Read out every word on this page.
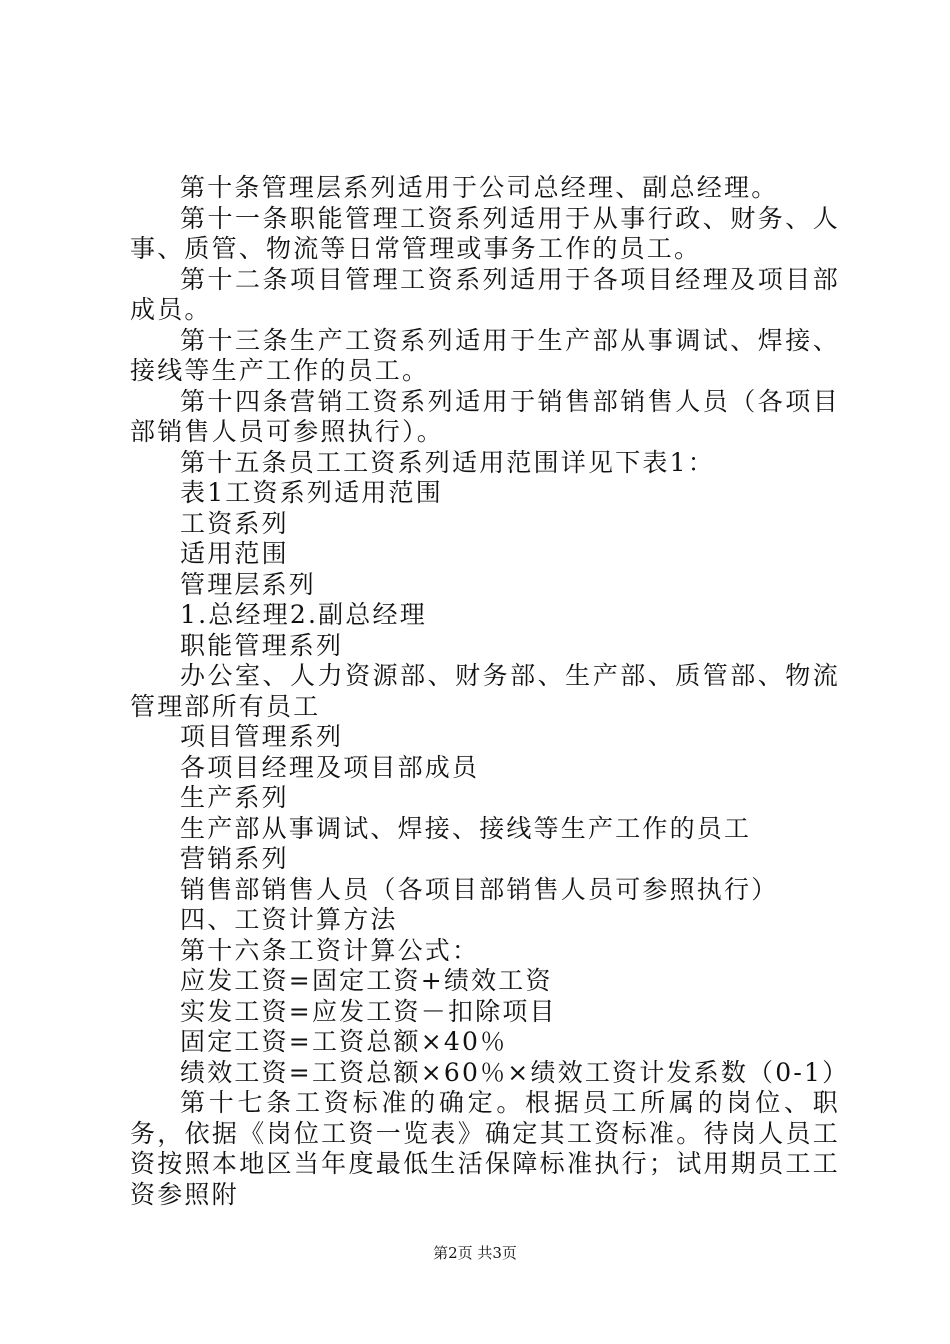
第十条管理层系列适用于公司总经理、副总经理。

第十一条职能管理工资系列适用于从事行政、财务、人事、质管、物流等日常管理或事务工作的员工。

第十二条项目管理工资系列适用于各项目经理及项目部成员。

第十三条生产工资系列适用于生产部从事调试、焊接、接线等生产工作的员工。

第十四条营销工资系列适用于销售部销售人员（各项目部销售人员可参照执行）。

第十五条员工工资系列适用范围详见下表1：

表1工资系列适用范围

工资系列

适用范围

管理层系列

1.总经理2.副总经理

职能管理系列

办公室、人力资源部、财务部、生产部、质管部、物流管理部所有员工

项目管理系列

各项目经理及项目部成员

生产系列

生产部从事调试、焊接、接线等生产工作的员工

营销系列

销售部销售人员（各项目部销售人员可参照执行）

四、工资计算方法

第十六条工资计算公式：

应发工资=固定工资+绩效工资

实发工资=应发工资－扣除项目

固定工资=工资总额×40％

绩效工资=工资总额×60％×绩效工资计发系数（0-1）

第十七条工资标准的确定。根据员工所属的岗位、职务，依据《岗位工资一览表》确定其工资标准。待岗人员工资按照本地区当年度最低生活保障标准执行；试用期员工工资参照附

第2页 共3页
